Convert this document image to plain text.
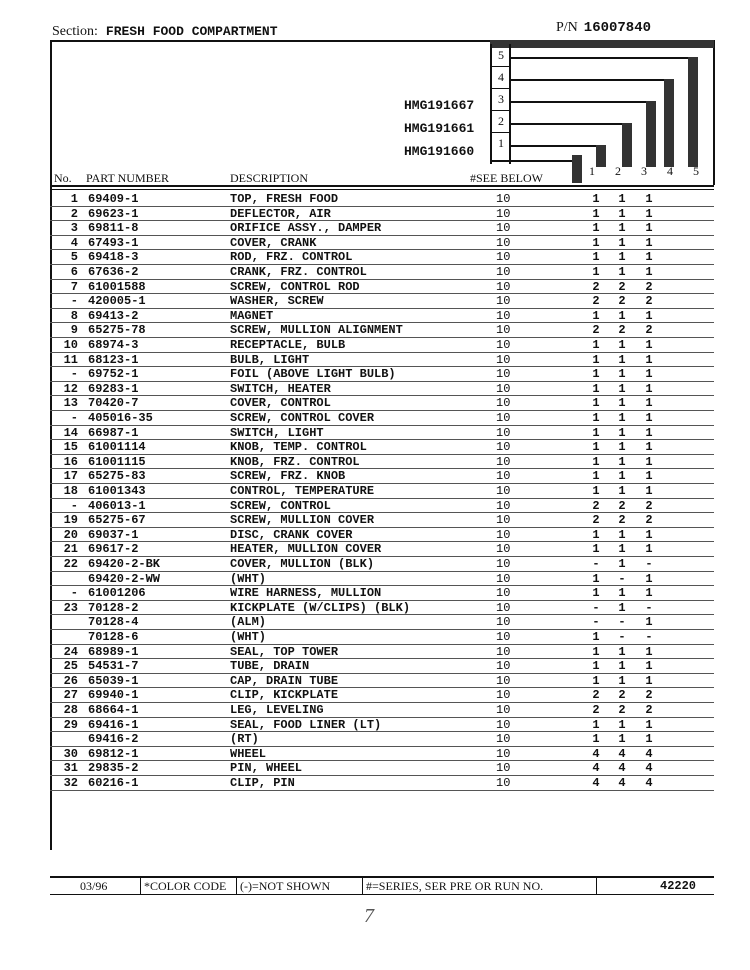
Section: FRESH FOOD COMPARTMENT	P/N 16007840
5
4
3
2
1
HMG191667
HMG191661
HMG191660
1	2	3	4	5
No. PART NUMBER	DESCRIPTION	#SEE BELOW
1 69409-1	TOP, FRESH FOOD	10	1 1 1
2 69623-1	DEFLECTOR, AIR	10	1 1 1
3 69811-8	ORIFICE ASSY., DAMPER	10	1 1 1
4 67493-1	COVER, CRANK	10	1 1 1
5 69418-3	ROD, FRZ. CONTROL	10	1 1 1
6 67636-2	CRANK, FRZ. CONTROL	10	1 1 1
7 61001588	SCREW, CONTROL ROD	10	2 2 2
- 420005-1	WASHER, SCREW	10	2 2 2
8 69413-2	MAGNET	10	1 1 1
9 65275-78	SCREW, MULLION ALIGNMENT	10	2 2 2
10 68974-3	RECEPTACLE, BULB	10	1 1 1
11 68123-1	BULB, LIGHT	10	1 1 1
- 69752-1	FOIL (ABOVE LIGHT BULB)	10	1 1 1
12 69283-1	SWITCH, HEATER	10	1 1 1
13 70420-7	COVER, CONTROL	10	1 1 1
- 405016-35	SCREW, CONTROL COVER	10	1 1 1
14 66987-1	SWITCH, LIGHT	10	1 1 1
15 61001114	KNOB, TEMP. CONTROL	10	1 1 1
16 61001115	KNOB, FRZ. CONTROL	10	1 1 1
17 65275-83	SCREW, FRZ. KNOB	10	1 1 1
18 61001343	CONTROL, TEMPERATURE	10	1 1 1
- 406013-1	SCREW, CONTROL	10	2 2 2
19 65275-67	SCREW, MULLION COVER	10	2 2 2
20 69037-1	DISC, CRANK COVER	10	1 1 1
21 69617-2	HEATER, MULLION COVER	10	1 1 1
22 69420-2-BK	COVER, MULLION (BLK)	10	- 1 -
69420-2-WW	(WHT)	10	1 - 1
- 61001206	WIRE HARNESS, MULLION	10	1 1 1
23 70128-2	KICKPLATE (W/CLIPS) (BLK)	10	- 1 -
70128-4	(ALM)	10	- - 1
70128-6	(WHT)	10	1 - -
24 68989-1	SEAL, TOP TOWER	10	1 1 1
25 54531-7	TUBE, DRAIN	10	1 1 1
26 65039-1	CAP, DRAIN TUBE	10	1 1 1
27 69940-1	CLIP, KICKPLATE	10	2 2 2
28 68664-1	LEG, LEVELING	10	2 2 2
29 69416-1	SEAL, FOOD LINER (LT)	10	1 1 1
69416-2	(RT)	10	1 1 1
30 69812-1	WHEEL	10	4 4 4
31 29835-2	PIN, WHEEL	10	4 4 4
32 60216-1	CLIP, PIN	10	4 4 4
03/96	*COLOR CODE (-)=NOT SHOWN	#=SERIES, SER PRE OR RUN NO.	42220
7
